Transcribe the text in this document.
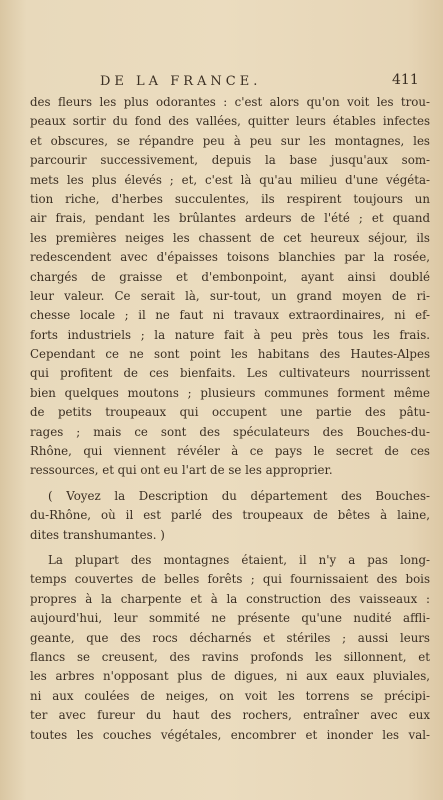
DE LA FRANCE.	411
des fleurs les plus odorantes : c'est alors qu'on voit les trou-
peaux sortir du fond des vallées, quitter leurs étables infectes
et obscures, se répandre peu à peu sur les montagnes, les
parcourir successivement, depuis la base jusqu'aux som-
mets les plus élevés ; et, c'est là qu'au milieu d'une végéta-
tion riche, d'herbes succulentes, ils respirent toujours un
air frais, pendant les brûlantes ardeurs de l'été ; et quand
les premières neiges les chassent de cet heureux séjour, ils
redescendent avec d'épaisses toisons blanchies par la rosée,
chargés de graisse et d'embonpoint, ayant ainsi doublé
leur valeur. Ce serait là, sur-tout, un grand moyen de ri-
chesse locale ; il ne faut ni travaux extraordinaires, ni ef-
forts industriels ; la nature fait à peu près tous les frais.
Cependant ce ne sont point les habitans des Hautes-Alpes
qui profitent de ces bienfaits. Les cultivateurs nourrissent
bien quelques moutons ; plusieurs communes forment même
de petits troupeaux qui occupent une partie des pâtu-
rages ; mais ce sont des spéculateurs des Bouches-du-
Rhône, qui viennent révéler à ce pays le secret de ces
ressources, et qui ont eu l'art de se les approprier.
( Voyez la Description du département des Bouches-
du-Rhône, où il est parlé des troupeaux de bêtes à laine,
dites transhumantes. )
La plupart des montagnes étaient, il n'y a pas long-
temps couvertes de belles forêts ; qui fournissaient des bois
propres à la charpente et à la construction des vaisseaux :
aujourd'hui, leur sommité ne présente qu'une nudité affli-
geante, que des rocs décharnés et stériles ; aussi leurs
flancs se creusent, des ravins profonds les sillonnent, et
les arbres n'opposant plus de digues, ni aux eaux pluviales,
ni aux coulées de neiges, on voit les torrens se précipi-
ter avec fureur du haut des rochers, entraîner avec eux
toutes les couches végétales, encombrer et inonder les val-
